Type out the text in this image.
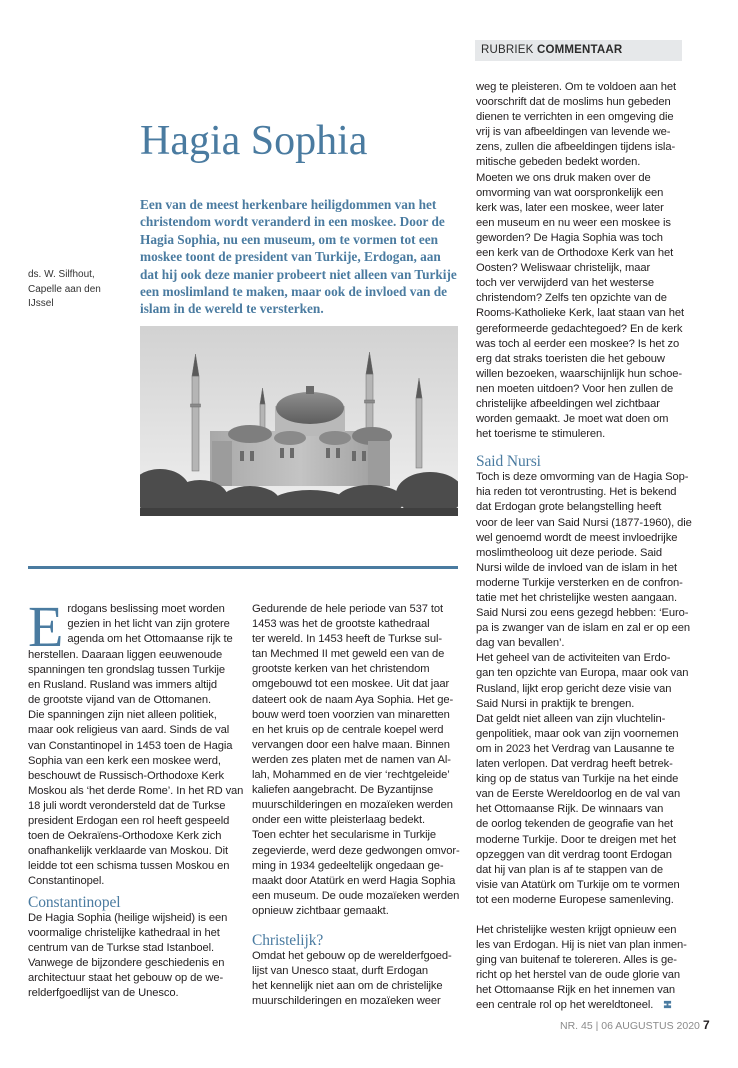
RUBRIEK COMMENTAAR
Hagia Sophia
Een van de meest herkenbare heiligdommen van het christendom wordt veranderd in een moskee. Door de Hagia Sophia, nu een museum, om te vormen tot een moskee toont de president van Turkije, Erdogan, aan dat hij ook deze manier probeert niet alleen van Turkije een moslimland te maken, maar ook de invloed van de islam in de wereld te versterken.
ds. W. Silfhout,
Capelle aan den
IJssel
E rdogans beslissing moet worden

gezien in het licht van zijn grotere

agenda om het Ottomaanse rijk te

herstellen. Daaraan liggen eeuwenoude

spanningen ten grondslag tussen Turkije

en Rusland. Rusland was immers altijd

de grootste vijand van de Ottomanen.

Die spanningen zijn niet alleen politiek,

maar ook religieus van aard. Sinds de val

van Constantinopel in 1453 toen de Hagia

Sophia van een kerk een moskee werd,

beschouwt de Russisch-Orthodoxe Kerk

Moskou als ‘het derde Rome’. In het RD van

18 juli wordt verondersteld dat de Turkse

president Erdogan een rol heeft gespeeld

toen de Oekraïens-Orthodoxe Kerk zich

onafhankelijk verklaarde van Moskou. Dit

leidde tot een schisma tussen Moskou en

Constantinopel.

Constantinopel

De Hagia Sophia (heilige wijsheid) is een

voormalige christelijke kathedraal in het

centrum van de Turkse stad Istanboel.

Vanwege de bijzondere geschiedenis en

architectuur staat het gebouw op de we-

relderfgoedlijst van de Unesco.

Gedurende de hele periode van 537 tot

1453 was het de grootste kathedraal

ter wereld. In 1453 heeft de Turkse sul-

tan Mechmed II met geweld een van de

grootste kerken van het christendom

omgebouwd tot een moskee. Uit dat jaar

dateert ook de naam Aya Sophia. Het ge-

bouw werd toen voorzien van minaretten

en het kruis op de centrale koepel werd

vervangen door een halve maan. Binnen

werden zes platen met de namen van Al-

lah, Mohammed en de vier ‘rechtgeleide’

kaliefen aangebracht. De Byzantijnse

muurschilderingen en mozaïeken werden

onder een witte pleisterlaag bedekt.

Toen echter het secularisme in Turkije

zegevierde, werd deze gedwongen omvor-

ming in 1934 gedeeltelijk ongedaan ge-

maakt door Atatürk en werd Hagia Sophia

een museum. De oude mozaïeken werden

opnieuw zichtbaar gemaakt.

Christelijk?

Omdat het gebouw op de werelderfgoed-

lijst van Unesco staat, durft Erdogan

het kennelijk niet aan om de christelijke

muurschilderingen en mozaïeken weer

weg te pleisteren. Om te voldoen aan het

voorschrift dat de moslims hun gebeden

dienen te verrichten in een omgeving die

vrij is van afbeeldingen van levende we-

zens, zullen die afbeeldingen tijdens isla-

mitische gebeden bedekt worden.

Moeten we ons druk maken over de

omvorming van wat oorspronkelijk een

kerk was, later een moskee, weer later

een museum en nu weer een moskee is

geworden? De Hagia Sophia was toch

een kerk van de Orthodoxe Kerk van het

Oosten? Weliswaar christelijk, maar

toch ver verwijderd van het westerse

christendom? Zelfs ten opzichte van de

Rooms-Katholieke Kerk, laat staan van het

gereformeerde gedachtegoed? En de kerk

was toch al eerder een moskee? Is het zo

erg dat straks toeristen die het gebouw

willen bezoeken, waarschijnlijk hun schoe-

nen moeten uitdoen? Voor hen zullen de

christelijke afbeeldingen wel zichtbaar

worden gemaakt. Je moet wat doen om

het toerisme te stimuleren.

Said Nursi

Toch is deze omvorming van de Hagia Sop-

hia reden tot verontrusting. Het is bekend

dat Erdogan grote belangstelling heeft

voor de leer van Said Nursi (1877-1960), die

wel genoemd wordt de meest invloedrijke

moslimtheoloog uit deze periode. Said

Nursi wilde de invloed van de islam in het

moderne Turkije versterken en de confron-

tatie met het christelijke westen aangaan.

Said Nursi zou eens gezegd hebben: ‘Euro-

pa is zwanger van de islam en zal er op een

dag van bevallen’.

Het geheel van de activiteiten van Erdo-

gan ten opzichte van Europa, maar ook van

Rusland, lijkt erop gericht deze visie van

Said Nursi in praktijk te brengen.

Dat geldt niet alleen van zijn vluchtelin-

genpolitiek, maar ook van zijn voornemen

om in 2023 het Verdrag van Lausanne te

laten verlopen. Dat verdrag heeft betrek-

king op de status van Turkije na het einde

van de Eerste Wereldoorlog en de val van

het Ottomaanse Rijk. De winnaars van

de oorlog tekenden de geografie van het

moderne Turkije. Door te dreigen met het

opzeggen van dit verdrag toont Erdogan

dat hij van plan is af te stappen van de

visie van Atatürk om Turkije om te vormen

tot een moderne Europese samenleving.

Het christelijke westen krijgt opnieuw een

les van Erdogan. Hij is niet van plan inmen-

ging van buitenaf te tolereren. Alles is ge-

richt op het herstel van de oude glorie van

het Ottomaanse Rijk en het innemen van

een centrale rol op het wereldtoneel.

NR. 45 | 06 AUGUSTUS 2020 7
